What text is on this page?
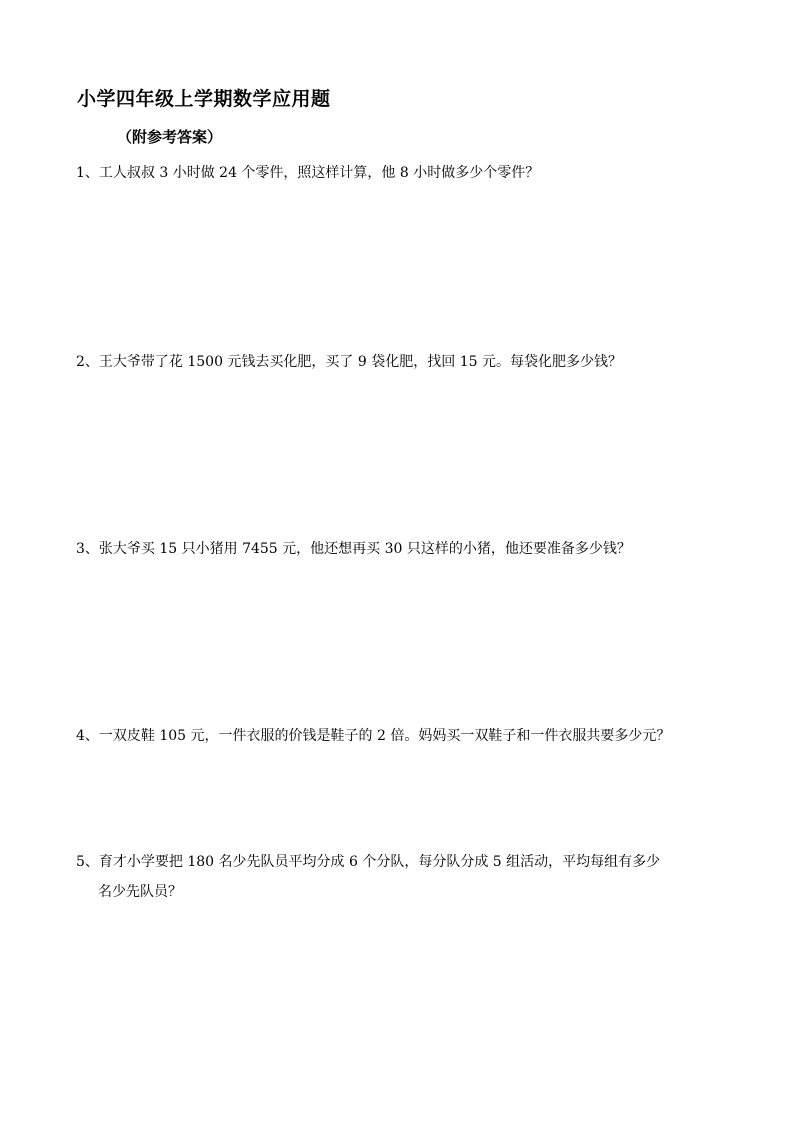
小学四年级上学期数学应用题
（附参考答案）
1、工人叔叔 3 小时做 24 个零件，照这样计算，他 8 小时做多少个零件？
2、王大爷带了花 1500 元钱去买化肥，买了 9 袋化肥，找回 15 元。每袋化肥多少钱？
3、张大爷买 15 只小猪用 7455 元，他还想再买 30 只这样的小猪，他还要准备多少钱？
4、一双皮鞋 105 元，一件衣服的价钱是鞋子的 2 倍。妈妈买一双鞋子和一件衣服共要多少元？
5、育才小学要把 180 名少先队员平均分成 6 个分队，每分队分成 5 组活动，平均每组有多少
名少先队员？
